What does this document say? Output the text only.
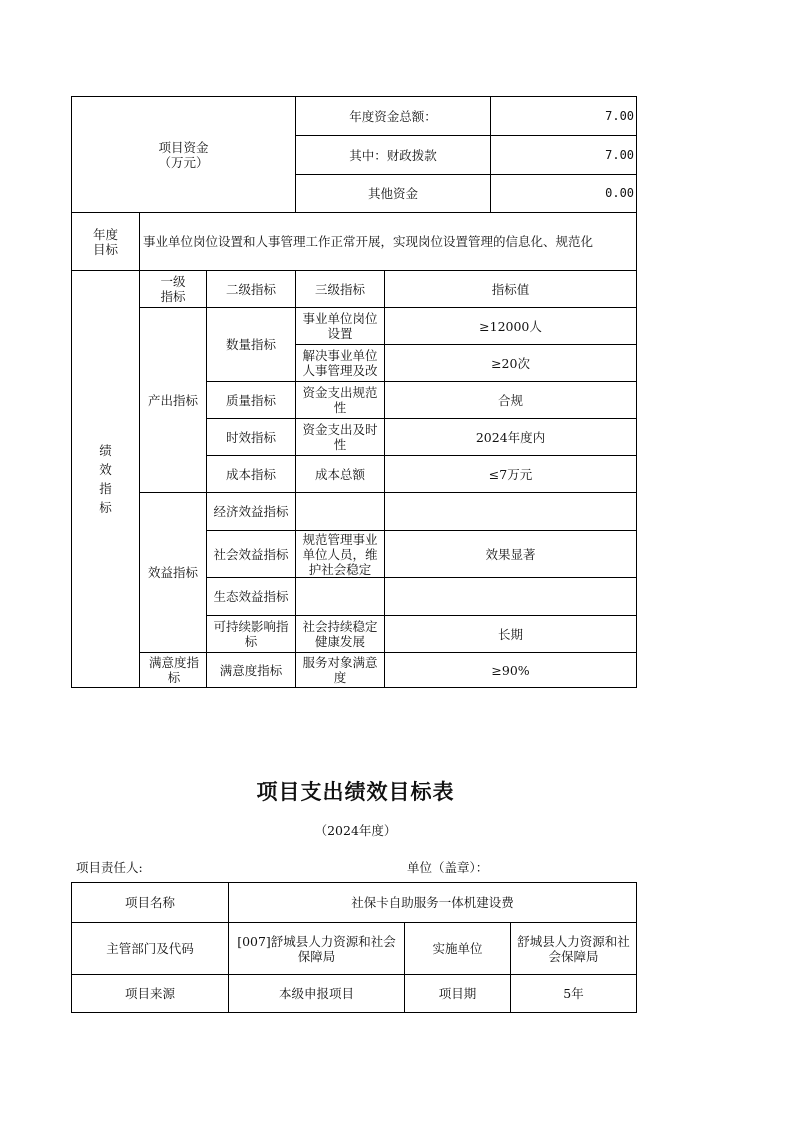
项目资金
（万元）			年度资金总额：		7.00
			其中：财政拨款		7.00
			其他资金		0.00
年度目标	事业单位岗位设置和人事管理工作正常开展，实现岗位设置管理的信息化、规范化				
绩效指标	一级指标	二级指标	三级指标	指标值	
	产出指标	数量指标	事业单位岗位设置	≥12000人	

			解决事业单位人事管理及改	≥20次	
		质量指标	资金支出规范性	合规	
		时效指标	资金支出及时性	2024年度内	
		成本指标	成本总额	≤7万元	
	效益指标	经济效益指标			
		社会效益指标	规范管理事业单位人员，维护社会稳定	效果显著	
		生态效益指标			
		可持续影响指标	社会持续稳定健康发展	长期	
	满意度指标	满意度指标	服务对象满意度	≥90%	
项目支出绩效目标表
（2024年度）
项目责任人:	单位（盖章）：
项目名称	社保卡自助服务一体机建设费		
主管部门及代码	[007]舒城县人力资源和社会保障局	实施单位	舒城县人力资源和社会保障局
项目来源	本级申报项目	项目期	5年
